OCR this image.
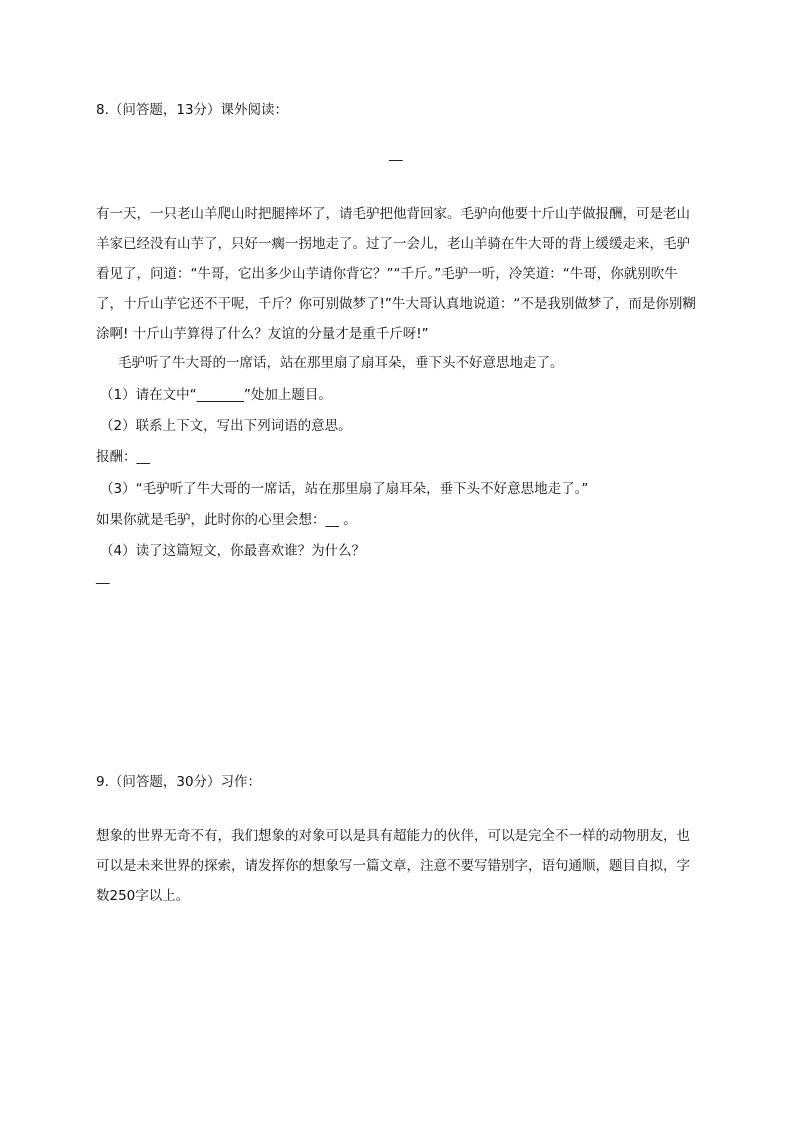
8.（问答题，13分）课外阅读：
__
有一天，一只老山羊爬山时把腿摔坏了，请毛驴把他背回家。毛驴向他要十斤山芋做报酬，可是老山羊家已经没有山芋了，只好一瘸一拐地走了。过了一会儿，老山羊骑在牛大哥的背上缓缓走来，毛驴看见了，问道：“牛哥，它出多少山芋请你背它？”“千斤。”毛驴一听，冷笑道：“牛哥，你就别吹牛了，十斤山芋它还不干呢，千斤？你可别做梦了!”牛大哥认真地说道：“不是我别做梦了，而是你别糊涂啊! 十斤山芋算得了什么？友谊的分量才是重千斤呀!”
毛驴听了牛大哥的一席话，站在那里扇了扇耳朵，垂下头不好意思地走了。
（1）请在文中“_______”处加上题目。
（2）联系上下文，写出下列词语的意思。
报酬：__
（3）“毛驴听了牛大哥的一席话，站在那里扇了扇耳朵，垂下头不好意思地走了。”
如果你就是毛驴，此时你的心里会想：__ 。
（4）读了这篇短文，你最喜欢谁？为什么？
__
9.（问答题，30分）习作：
想象的世界无奇不有，我们想象的对象可以是具有超能力的伙伴，可以是完全不一样的动物朋友，也可以是未来世界的探索，请发挥你的想象写一篇文章，注意不要写错别字，语句通顺，题目自拟，字数250字以上。
